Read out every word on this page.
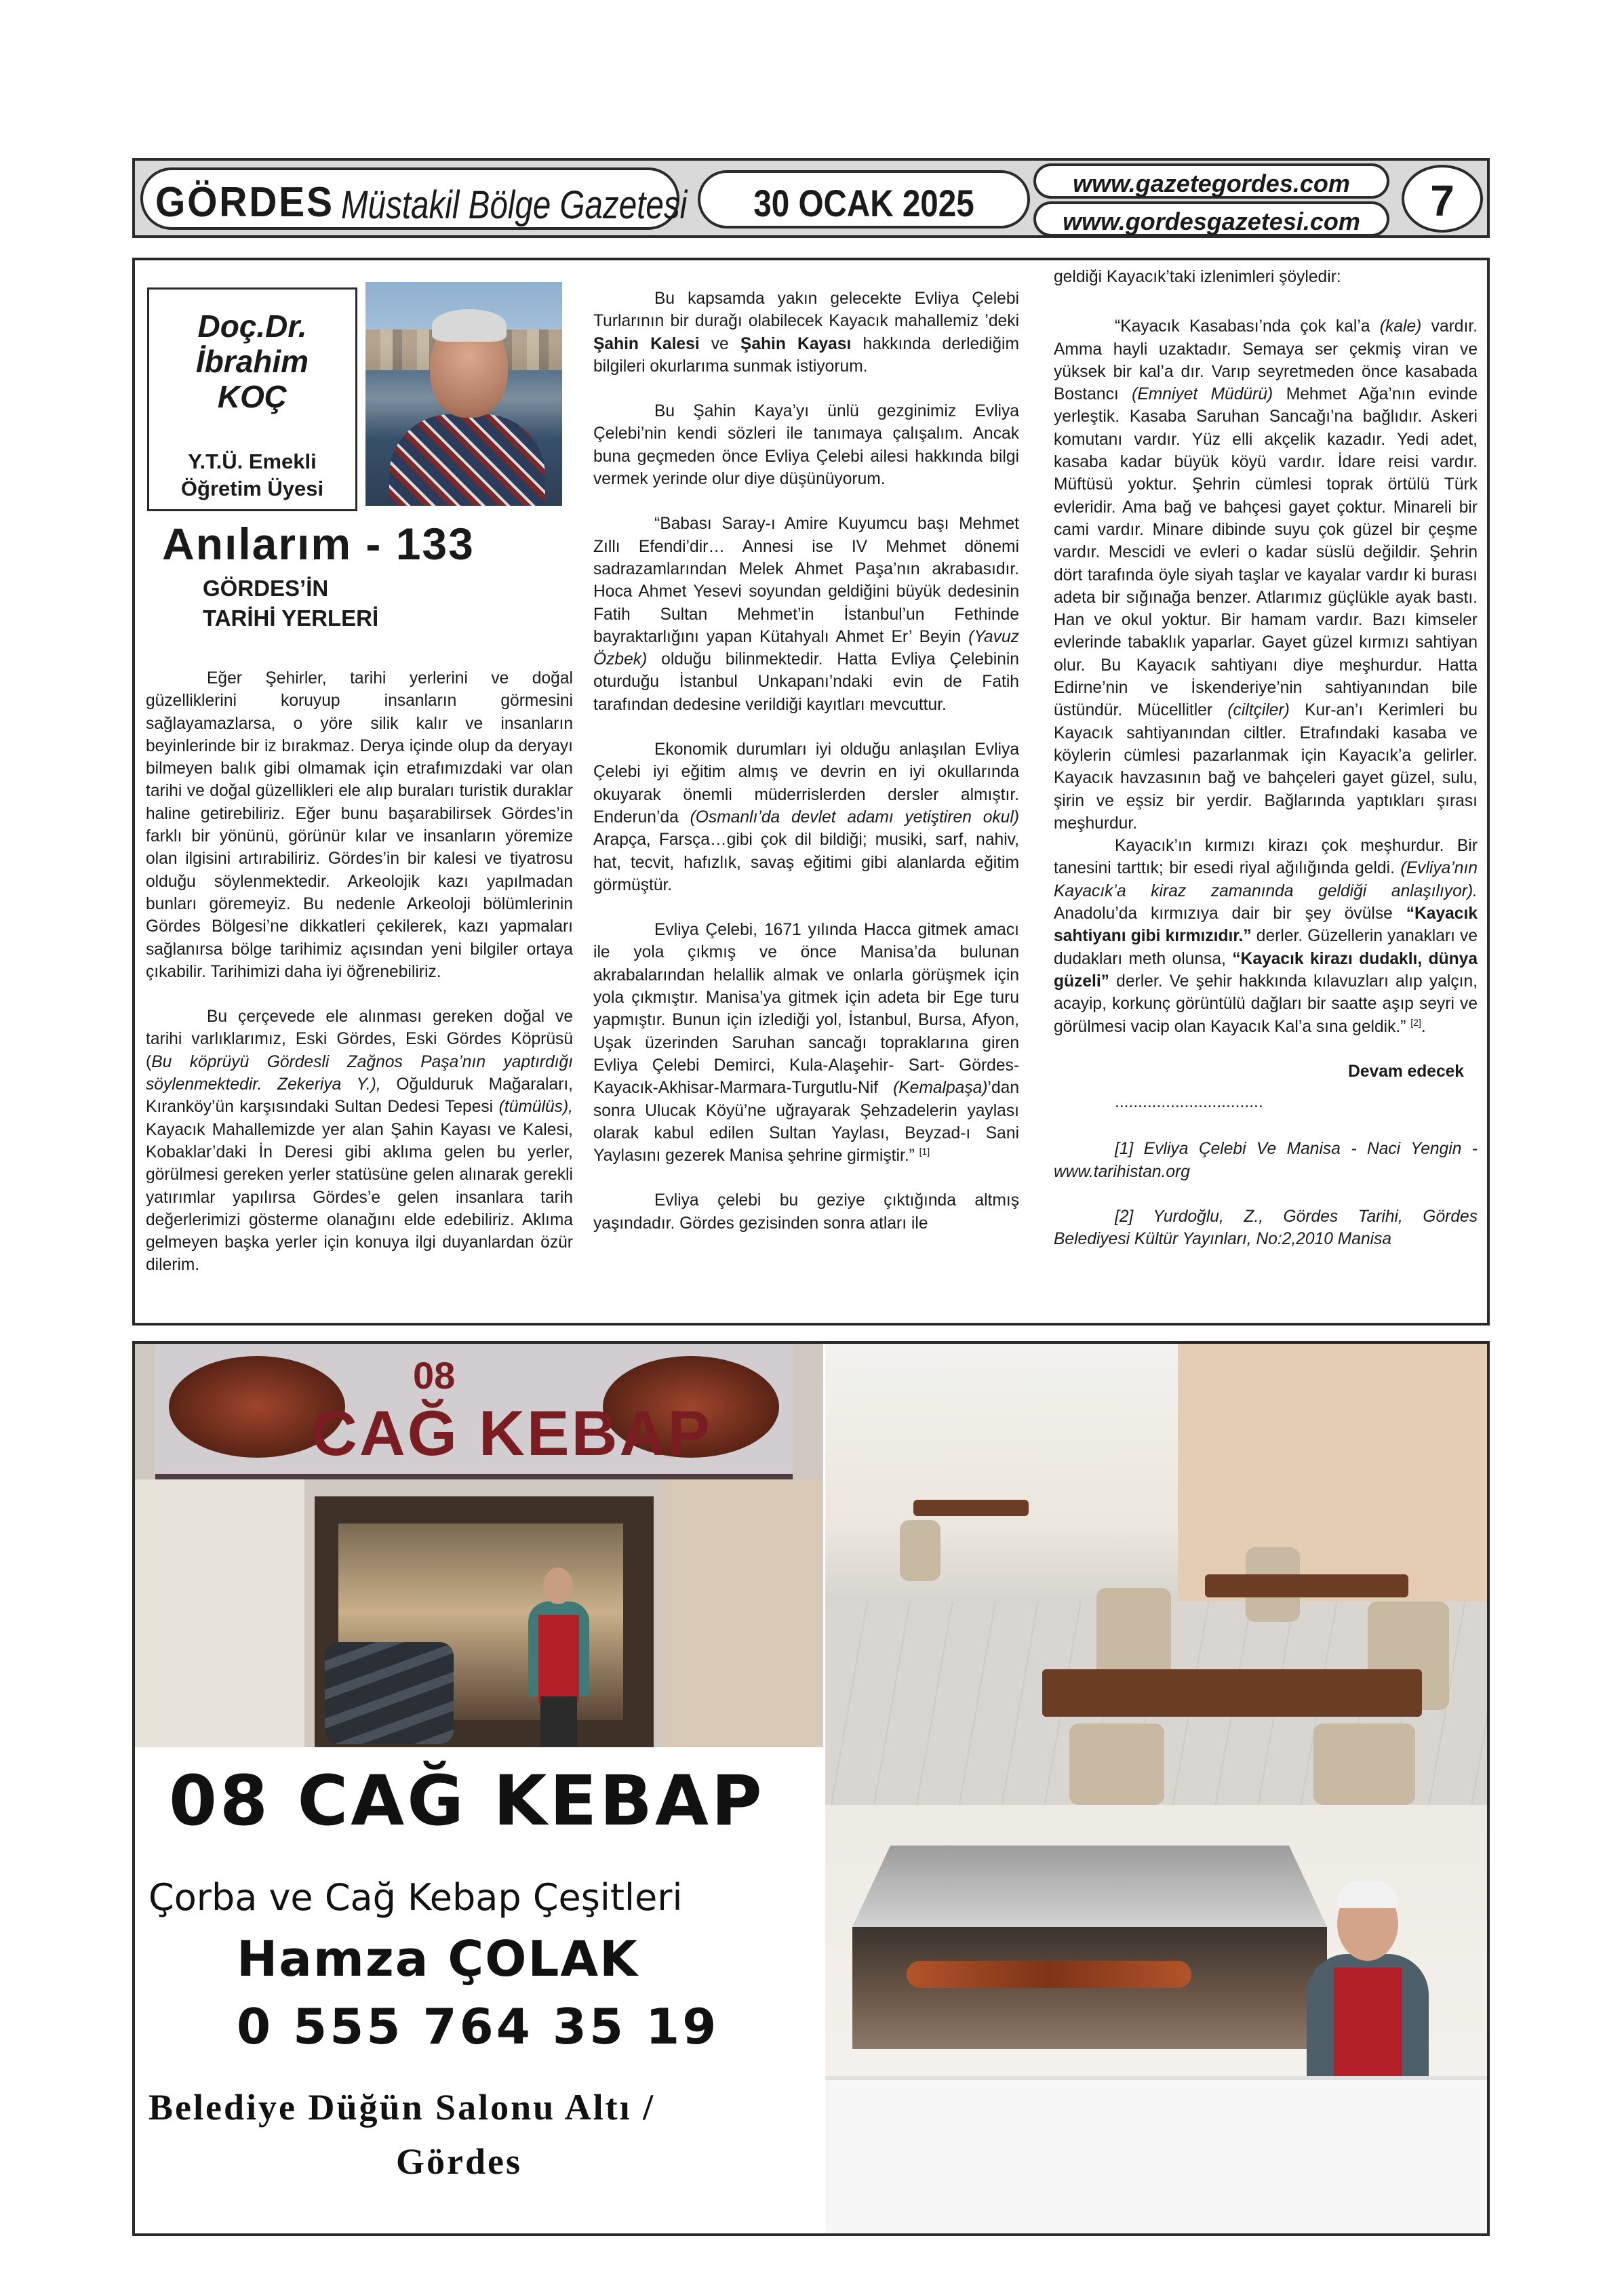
GÖRDES Müstakil Bölge Gazetesi	30 OCAK 2025	www.gazetegordes.com
www.gordesgazetesi.com	7
Doç.Dr.
İbrahim
KOÇ
Y.T.Ü. Emekli
Öğretim Üyesi
Anılarım - 133
GÖRDES’İN
TARİHİ YERLERİ

Eğer Şehirler, tarihi yerlerini ve doğal güzelliklerini koruyup insanların görmesini sağlayamazlarsa, o yöre silik kalır ve insanların beyinlerinde bir iz bırakmaz. Derya içinde olup da deryayı bilmeyen balık gibi olmamak için etrafımızdaki var olan tarihi ve doğal güzellikleri ele alıp buraları turistik duraklar haline getirebiliriz. Eğer bunu başarabilirsek Gördes’in farklı bir yönünü, görünür kılar ve insanların yöremize olan ilgisini artırabiliriz. Gördes’in bir kalesi ve tiyatrosu olduğu söylenmektedir. Arkeolojik kazı yapılmadan bunları göremeyiz. Bu nedenle Arkeoloji bölümlerinin Gördes Bölgesi’ne dikkatleri çekilerek, kazı yapmaları sağlanırsa bölge tarihimiz açısından yeni bilgiler ortaya çıkabilir. Tarihimizi daha iyi öğrenebiliriz.

Bu çerçevede ele alınması gereken doğal ve tarihi varlıklarımız, Eski Gördes, Eski Gördes Köprüsü (Bu köprüyü Gördesli Zağnos Paşa’nın yaptırdığı söylenmektedir. Zekeriya Y.), Oğulduruk Mağaraları, Kıranköy’ün karşısındaki Sultan Dedesi Tepesi (tümülüs), Kayacık Mahallemizde yer alan Şahin Kayası ve Kalesi, Kobaklar’daki İn Deresi gibi aklıma gelen bu yerler, görülmesi gereken yerler statüsüne gelen alınarak gerekli yatırımlar yapılırsa Gördes’e gelen insanlara tarih değerlerimizi gösterme olanağını elde edebiliriz. Aklıma gelmeyen başka yerler için konuya ilgi duyanlardan özür dilerim.

Bu kapsamda yakın gelecekte Evliya Çelebi Turlarının bir durağı olabilecek Kayacık mahallemiz ’deki Şahin Kalesi ve Şahin Kayası hakkında derlediğim bilgileri okurlarıma sunmak istiyorum.

Bu Şahin Kaya’yı ünlü gezginimiz Evliya Çelebi’nin kendi sözleri ile tanımaya çalışalım. Ancak buna geçmeden önce Evliya Çelebi ailesi hakkında bilgi vermek yerinde olur diye düşünüyorum.

“Babası Saray-ı Amire Kuyumcu başı Mehmet Zıllı Efendi’dir… Annesi ise IV Mehmet dönemi sadrazamlarından Melek Ahmet Paşa’nın akrabasıdır. Hoca Ahmet Yesevi soyundan geldiğini büyük dedesinin Fatih Sultan Mehmet’in İstanbul’un Fethinde bayraktarlığını yapan Kütahyalı Ahmet Er’ Beyin (Yavuz Özbek) olduğu bilinmektedir. Hatta Evliya Çelebinin oturduğu İstanbul Unkapanı’ndaki evin de Fatih tarafından dedesine verildiği kayıtları mevcuttur.

Ekonomik durumları iyi olduğu anlaşılan Evliya Çelebi iyi eğitim almış ve devrin en iyi okullarında okuyarak önemli müderrislerden dersler almıştır. Enderun’da (Osmanlı’da devlet adamı yetiştiren okul) Arapça, Farsça…gibi çok dil bildiği; musiki, sarf, nahiv, hat, tecvit, hafızlık, savaş eğitimi gibi alanlarda eğitim görmüştür.

Evliya Çelebi, 1671 yılında Hacca gitmek amacı ile yola çıkmış ve önce Manisa’da bulunan akrabalarından helallik almak ve onlarla görüşmek için yola çıkmıştır. Manisa’ya gitmek için adeta bir Ege turu yapmıştır. Bunun için izlediği yol, İstanbul, Bursa, Afyon, Uşak üzerinden Saruhan sancağı topraklarına giren Evliya Çelebi Demirci, Kula-Alaşehir- Sart- Gördes-Kayacık-Akhisar-Marmara-Turgutlu-Nif (Kemalpaşa)’dan sonra Ulucak Köyü’ne uğrayarak Şehzadelerin yaylası olarak kabul edilen Sultan Yaylası, Beyzad-ı Sani Yaylasını gezerek Manisa şehrine girmiştir.” [1]

Evliya çelebi bu geziye çıktığında altmış yaşındadır. Gördes gezisinden sonra atları ile

geldiği Kayacık’taki izlenimleri şöyledir:

“Kayacık Kasabası’nda çok kal’a (kale) vardır. Amma hayli uzaktadır. Semaya ser çekmiş viran ve yüksek bir kal’a dır. Varıp seyretmeden önce kasabada Bostancı (Emniyet Müdürü) Mehmet Ağa’nın evinde yerleştik. Kasaba Saruhan Sancağı’na bağlıdır. Askeri komutanı vardır. Yüz elli akçelik kazadır. Yedi adet, kasaba kadar büyük köyü vardır. İdare reisi vardır. Müftüsü yoktur. Şehrin cümlesi toprak örtülü Türk evleridir. Ama bağ ve bahçesi gayet çoktur. Minareli bir cami vardır. Minare dibinde suyu çok güzel bir çeşme vardır. Mescidi ve evleri o kadar süslü değildir. Şehrin dört tarafında öyle siyah taşlar ve kayalar vardır ki burası adeta bir sığınağa benzer. Atlarımız güçlükle ayak bastı. Han ve okul yoktur. Bir hamam vardır. Bazı kimseler evlerinde tabaklık yaparlar. Gayet güzel kırmızı sahtiyan olur. Bu Kayacık sahtiyanı diye meşhurdur. Hatta Edirne’nin ve İskenderiye’nin sahtiyanından bile üstündür. Mücellitler (ciltçiler) Kur-an’ı Kerimleri bu Kayacık sahtiyanından ciltler. Etrafındaki kasaba ve köylerin cümlesi pazarlanmak için Kayacık’a gelirler. Kayacık havzasının bağ ve bahçeleri gayet güzel, sulu, şirin ve eşsiz bir yerdir. Bağlarında yaptıkları şırası meşhurdur.

Kayacık’ın kırmızı kirazı çok meşhurdur. Bir tanesini tarttık; bir esedi riyal ağılığında geldi. (Evliya’nın Kayacık’a kiraz zamanında geldiği anlaşılıyor). Anadolu’da kırmızıya dair bir şey övülse “Kayacık sahtiyanı gibi kırmızıdır.” derler. Güzellerin yanakları ve dudakları meth olunsa, “Kayacık kirazı dudaklı, dünya güzeli” derler. Ve şehir hakkında kılavuzları alıp yalçın, acayip, korkunç görüntülü dağları bir saatte aşıp seyri ve görülmesi vacip olan Kayacık Kal’a sına geldik.” [2].

Devam edecek
................................

[1] Evliya Çelebi Ve Manisa - Naci Yengin - www.tarihistan.org

[2] Yurdoğlu, Z., Gördes Tarihi, Gördes Belediyesi Kültür Yayınları, No:2,2010 Manisa

08
CAĞ KEBAP
08 CAĞ KEBAP
Çorba ve Cağ Kebap Çeşitleri
Hamza ÇOLAK
0 555 764 35 19
Belediye Düğün Salonu Altı /
Gördes
